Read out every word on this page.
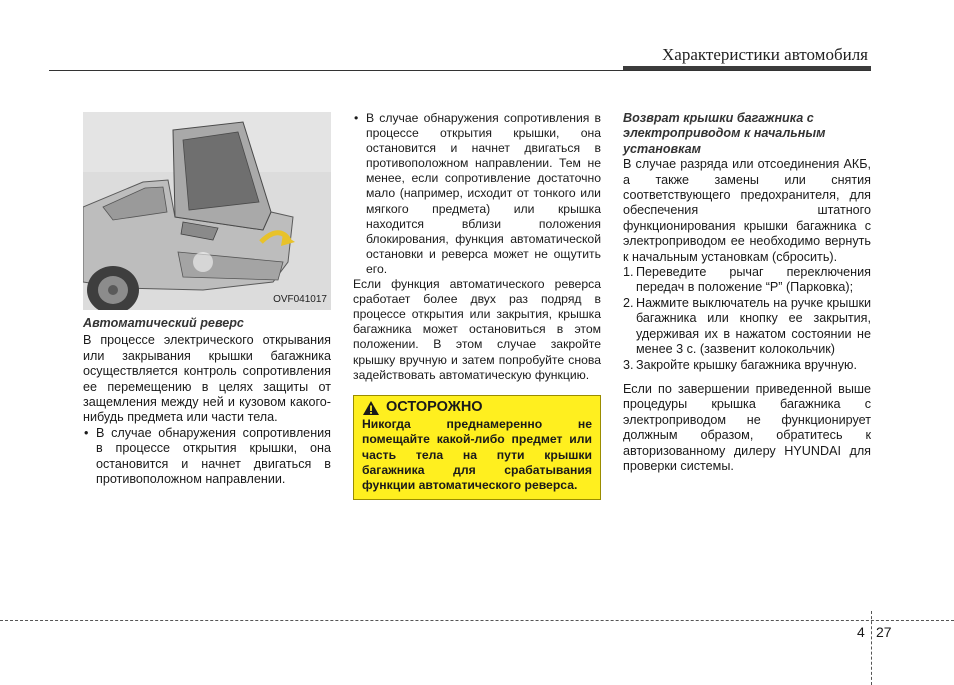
Характеристики автомобиля
OVF041017
Автоматический реверс

В процессе электрического открывания или закрывания крышки багажника осуществляется контроль сопротивления ее перемещению в целях защиты от защемления между ней и кузовом какого-нибудь предмета или части тела.

• В случае обнаружения сопротивления в процессе открытия крышки, она остановится и начнет двигаться в противоположном направлении.
• В случае обнаружения сопротивления в процессе открытия крышки, она остановится и начнет двигаться в противоположном направлении. Тем не менее, если сопротивление достаточно мало (например, исходит от тонкого или мягкого предмета) или крышка находится вблизи положения блокирования, функция автоматической остановки и реверса может не ощутить его.

Если функция автоматического реверса сработает более двух раз подряд в процессе открытия или закрытия, крышка багажника может остановиться в этом положении. В этом случае закройте крышку вручную и затем попробуйте снова задействовать автоматическую функцию.

ОСТОРОЖНО
Никогда преднамеренно не помещайте какой-либо предмет или часть тела на пути крышки багажника для срабатывания функции автоматического реверса.
Возврат крышки багажника с электроприводом к начальным установкам

В случае разряда или отсоединения АКБ, а также замены или снятия соответствующего предохранителя, для обеспечения штатного функционирования крышки багажника с электроприводом ее необходимо вернуть к начальным установкам (сбросить).

1. Переведите рычаг переключения передач в положение “P” (Парковка);
2. Нажмите выключатель на ручке крышки багажника или кнопку ее закрытия, удерживая их в нажатом состоянии не менее 3 с. (зазвенит колокольчик)
3. Закройте крышку багажника вручную.

Если по завершении приведенной выше процедуры крышка багажника с электроприводом не функционирует должным образом, обратитесь к авторизованному дилеру HYUNDAI для проверки системы.

4 27
